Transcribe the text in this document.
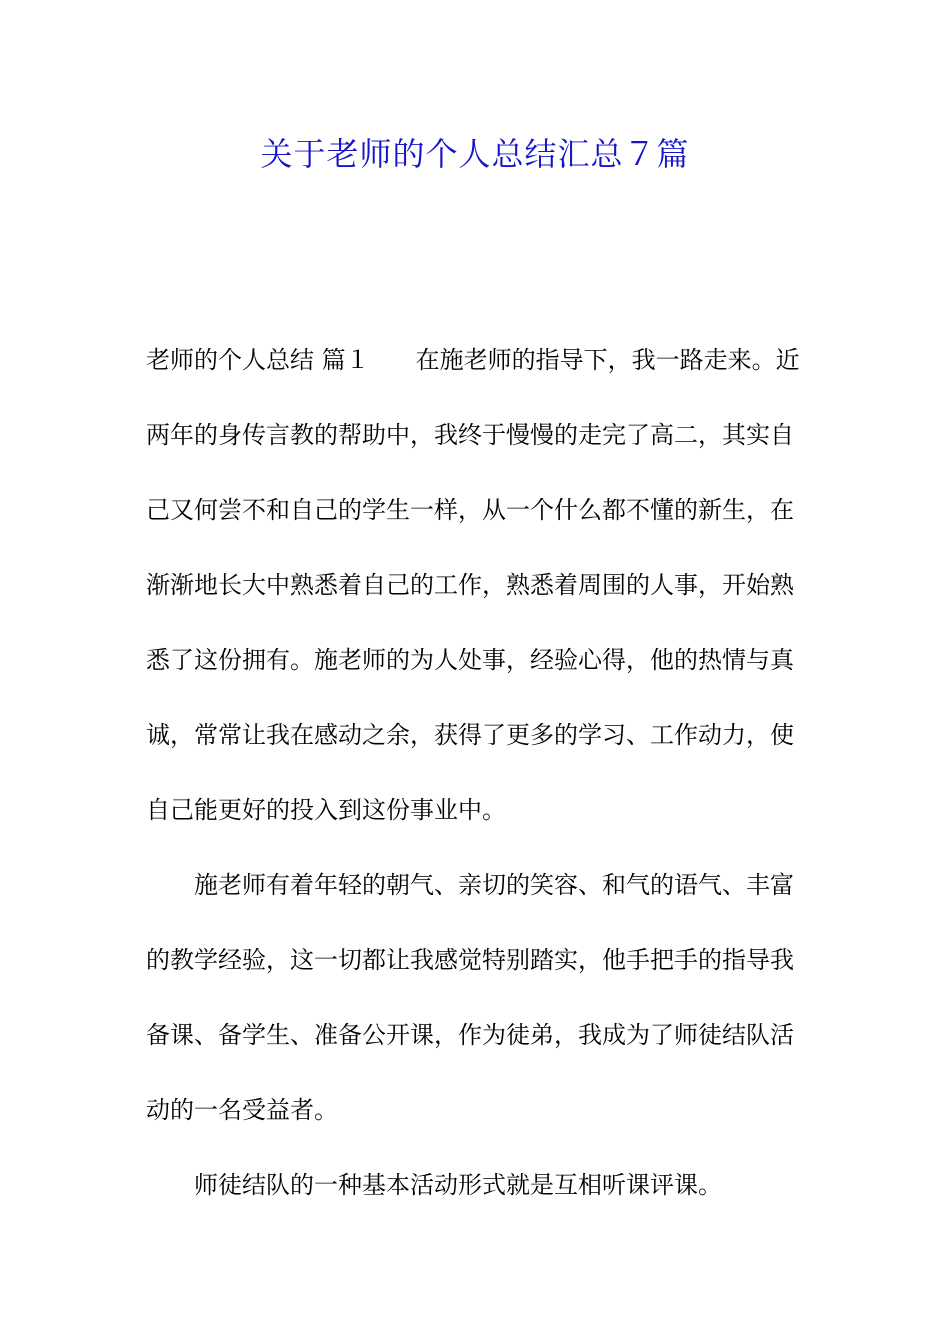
关于老师的个人总结汇总７篇
老师的个人总结 篇１ 在施老师的指导下，我一路走来。近
两年的身传言教的帮助中，我终于慢慢的走完了高二，其实自
己又何尝不和自己的学生一样，从一个什么都不懂的新生，在
渐渐地长大中熟悉着自己的工作，熟悉着周围的人事，开始熟
悉了这份拥有。施老师的为人处事，经验心得，他的热情与真
诚，常常让我在感动之余，获得了更多的学习、工作动力，使
自己能更好的投入到这份事业中。
施老师有着年轻的朝气、亲切的笑容、和气的语气、丰富
的教学经验，这一切都让我感觉特别踏实，他手把手的指导我
备课、备学生、准备公开课，作为徒弟，我成为了师徒结队活
动的一名受益者。
师徒结队的一种基本活动形式就是互相听课评课。
